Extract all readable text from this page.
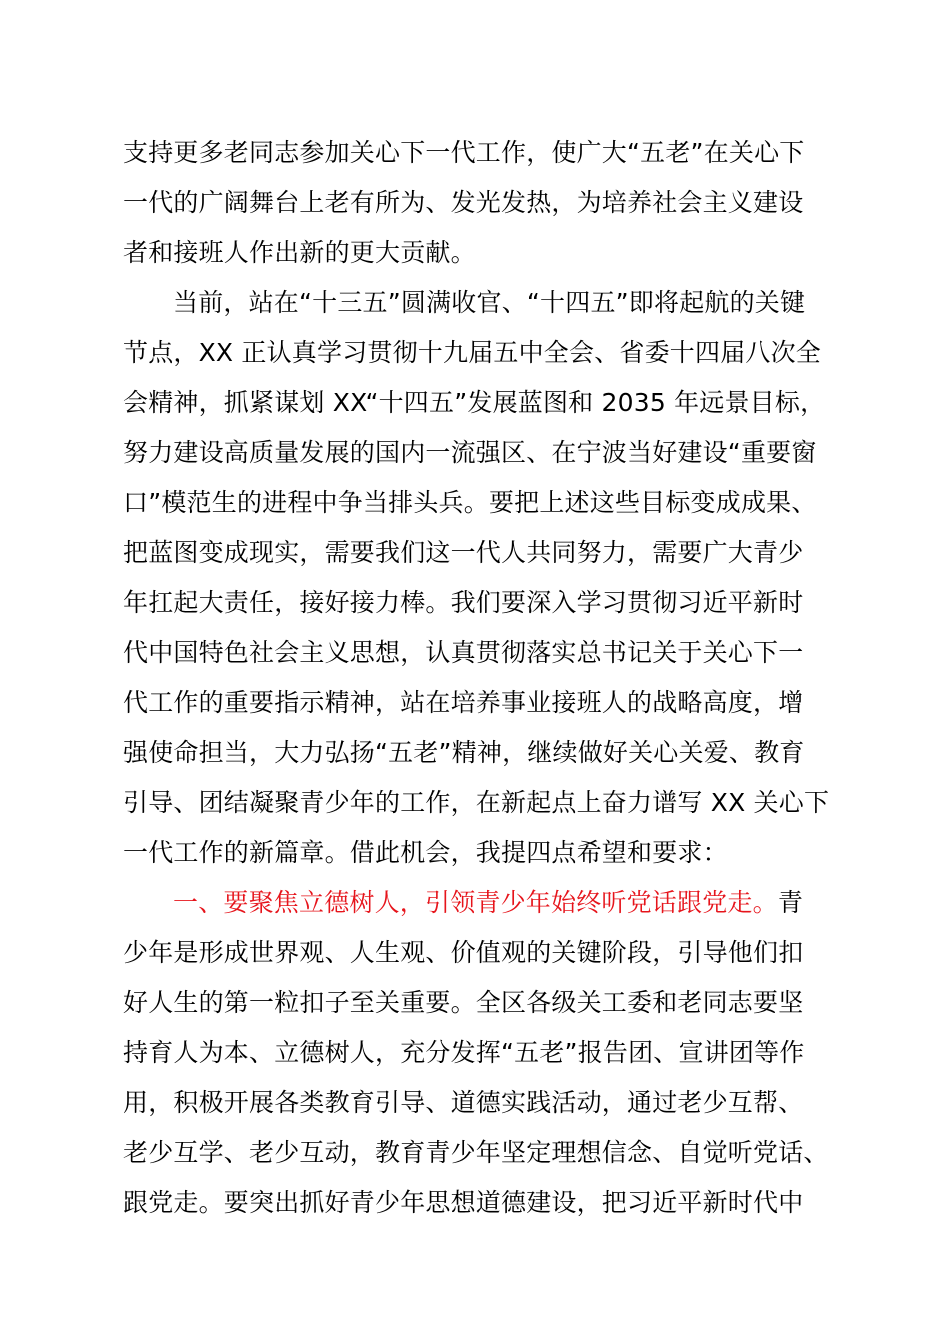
支持更多老同志参加关心下一代工作，使广大“五老”在关心下
一代的广阔舞台上老有所为、发光发热，为培养社会主义建设
者和接班人作出新的更大贡献。
当前，站在“十三五”圆满收官、“十四五”即将起航的关键
节点，XX 正认真学习贯彻十九届五中全会、省委十四届八次全
会精神，抓紧谋划 XX“十四五”发展蓝图和 2035 年远景目标，
努力建设高质量发展的国内一流强区、在宁波当好建设“重要窗
口”模范生的进程中争当排头兵。要把上述这些目标变成成果、
把蓝图变成现实，需要我们这一代人共同努力，需要广大青少
年扛起大责任，接好接力棒。我们要深入学习贯彻习近平新时
代中国特色社会主义思想，认真贯彻落实总书记关于关心下一
代工作的重要指示精神，站在培养事业接班人的战略高度，增
强使命担当，大力弘扬“五老”精神，继续做好关心关爱、教育
引导、团结凝聚青少年的工作，在新起点上奋力谱写 XX 关心下
一代工作的新篇章。借此机会，我提四点希望和要求：
一、要聚焦立德树人，引领青少年始终听党话跟党走。青
少年是形成世界观、人生观、价值观的关键阶段，引导他们扣
好人生的第一粒扣子至关重要。全区各级关工委和老同志要坚
持育人为本、立德树人，充分发挥“五老”报告团、宣讲团等作
用，积极开展各类教育引导、道德实践活动，通过老少互帮、
老少互学、老少互动，教育青少年坚定理想信念、自觉听党话、
跟党走。要突出抓好青少年思想道德建设，把习近平新时代中
